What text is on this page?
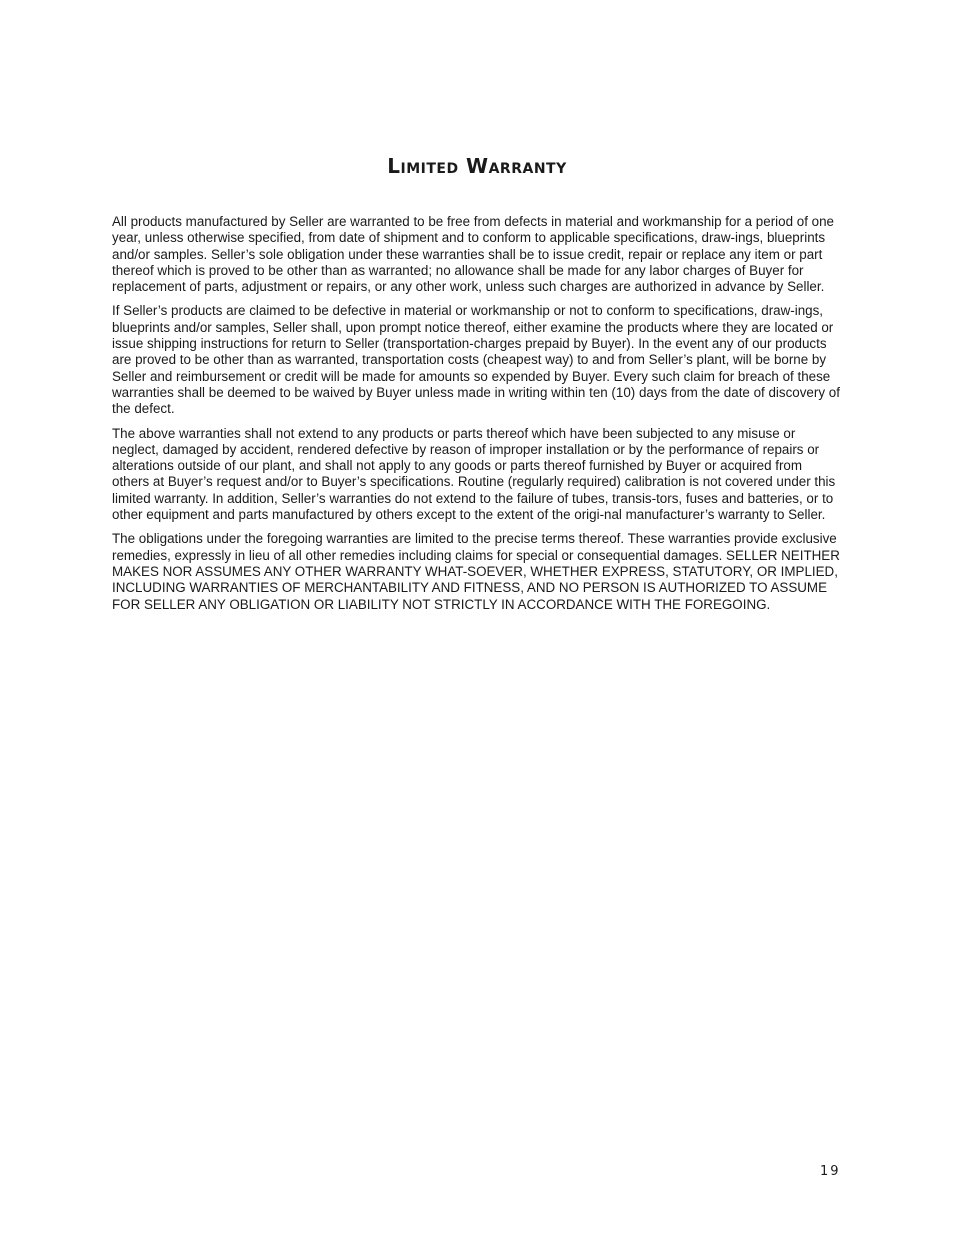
Limited Warranty

All products manufactured by Seller are warranted to be free from defects in material and workmanship for a period of one year, unless otherwise specified, from date of shipment and to conform to applicable specifications, draw-ings, blueprints and/or samples. Seller’s sole obligation under these warranties shall be to issue credit, repair or replace any item or part thereof which is proved to be other than as warranted; no allowance shall be made for any labor charges of Buyer for replacement of parts, adjustment or repairs, or any other work, unless such charges are authorized in advance by Seller.

If Seller’s products are claimed to be defective in material or workmanship or not to conform to specifications, draw-ings, blueprints and/or samples, Seller shall, upon prompt notice thereof, either examine the products where they are located or issue shipping instructions for return to Seller (transportation-charges prepaid by Buyer). In the event any of our products are proved to be other than as warranted, transportation costs (cheapest way) to and from Seller’s plant, will be borne by Seller and reimbursement or credit will be made for amounts so expended by Buyer. Every such claim for breach of these warranties shall be deemed to be waived by Buyer unless made in writing within ten (10) days from the date of discovery of the defect.

The above warranties shall not extend to any products or parts thereof which have been subjected to any misuse or neglect, damaged by accident, rendered defective by reason of improper installation or by the performance of repairs or alterations outside of our plant, and shall not apply to any goods or parts thereof furnished by Buyer or acquired from others at Buyer’s request and/or to Buyer’s specifications. Routine (regularly required) calibration is not covered under this limited warranty. In addition, Seller’s warranties do not extend to the failure of tubes, transis-tors, fuses and batteries, or to other equipment and parts manufactured by others except to the extent of the origi-nal manufacturer’s warranty to Seller.

The obligations under the foregoing warranties are limited to the precise terms thereof. These warranties provide exclusive remedies, expressly in lieu of all other remedies including claims for special or consequential damages. SELLER NEITHER MAKES NOR ASSUMES ANY OTHER WARRANTY WHAT-SOEVER, WHETHER EXPRESS, STATUTORY, OR IMPLIED, INCLUDING WARRANTIES OF MERCHANTABILITY AND FITNESS, AND NO PERSON IS AUTHORIZED TO ASSUME FOR SELLER ANY OBLIGATION OR LIABILITY NOT STRICTLY IN ACCORDANCE WITH THE FOREGOING.

19
